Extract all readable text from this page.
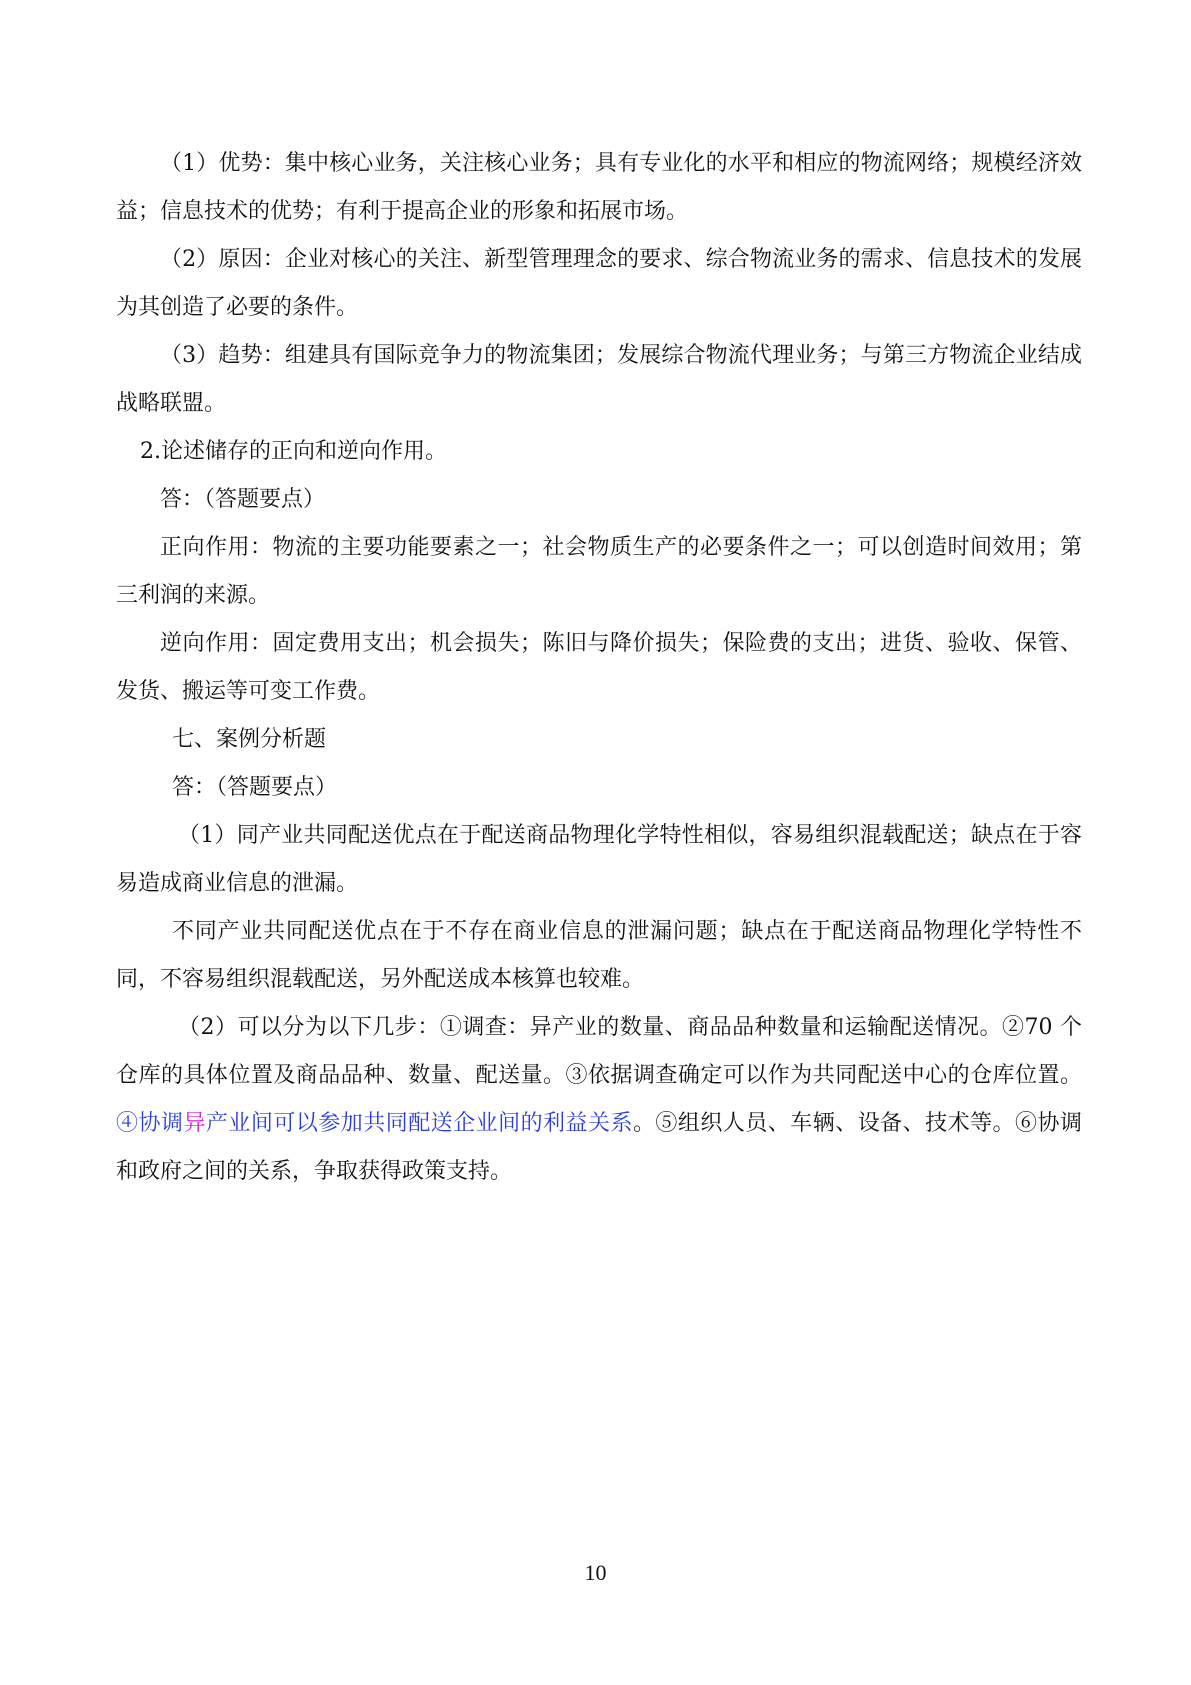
（1）优势：集中核心业务，关注核心业务；具有专业化的水平和相应的物流网络；规模经济效益；信息技术的优势；有利于提高企业的形象和拓展市场。

（2）原因：企业对核心的关注、新型管理理念的要求、综合物流业务的需求、信息技术的发展为其创造了必要的条件。

（3）趋势：组建具有国际竞争力的物流集团；发展综合物流代理业务；与第三方物流企业结成战略联盟。

2.论述储存的正向和逆向作用。

答：（答题要点）

正向作用：物流的主要功能要素之一；社会物质生产的必要条件之一；可以创造时间效用；第三利润的来源。

逆向作用：固定费用支出；机会损失；陈旧与降价损失；保险费的支出；进货、验收、保管、发货、搬运等可变工作费。

七、案例分析题

答：（答题要点）

（1）同产业共同配送优点在于配送商品物理化学特性相似，容易组织混载配送；缺点在于容易造成商业信息的泄漏。

不同产业共同配送优点在于不存在商业信息的泄漏问题；缺点在于配送商品物理化学特性不同，不容易组织混载配送，另外配送成本核算也较难。

（2）可以分为以下几步：①调查：异产业的数量、商品品种数量和运输配送情况。②70 个仓库的具体位置及商品品种、数量、配送量。③依据调查确定可以作为共同配送中心的仓库位置。④协调异产业间可以参加共同配送企业间的利益关系。⑤组织人员、车辆、设备、技术等。⑥协调和政府之间的关系，争取获得政策支持。

10
